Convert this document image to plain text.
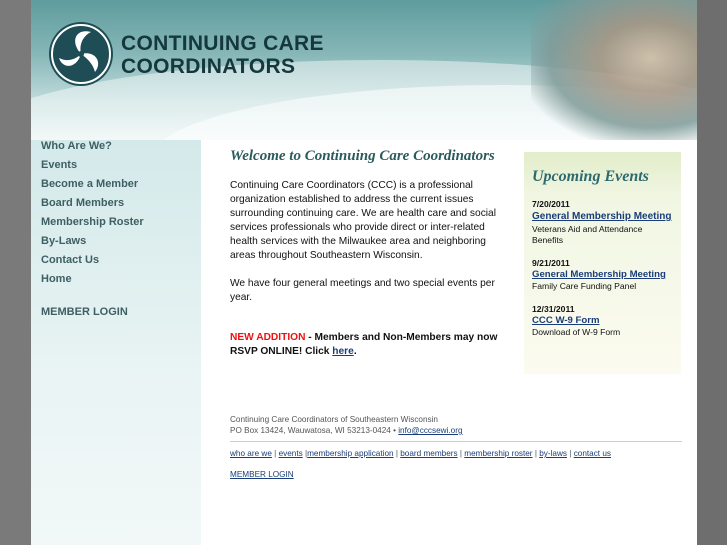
CONTINUING CARE
COORDINATORS
Who Are We?
Events
Become a Member
Board Members
Membership Roster
By-Laws
Contact Us
Home
MEMBER LOGIN
Welcome to Continuing Care Coordinators

Continuing Care Coordinators (CCC) is a professional organization established to address the current issues surrounding continuing care. We are health care and social services professionals who provide direct or inter-related health services with the Milwaukee area and neighboring areas throughout Southeastern Wisconsin.

We have four general meetings and two special events per year.

NEW ADDITION - Members and Non-Members may now RSVP ONLINE! Click here.

Upcoming Events
7/20/2011
General Membership Meeting
Veterans Aid and Attendance Benefits
9/21/2011
General Membership Meeting
Family Care Funding Panel
12/31/2011
CCC W-9 Form
Download of W-9 Form
Continuing Care Coordinators of Southeastern Wisconsin
PO Box 13424, Wauwatosa, WI 53213-0424 • info@cccsewi.org
who are we | events |membership application | board members | membership roster | by-laws | contact us
MEMBER LOGIN
